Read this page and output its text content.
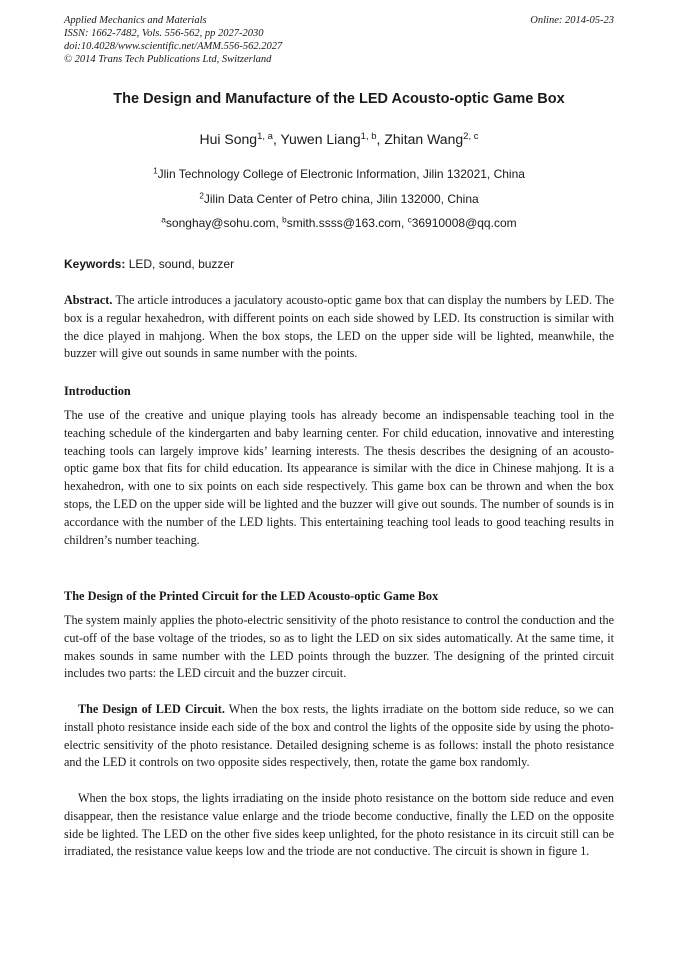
Applied Mechanics and Materials
ISSN: 1662-7482, Vols. 556-562, pp 2027-2030
doi:10.4028/www.scientific.net/AMM.556-562.2027
© 2014 Trans Tech Publications Ltd, Switzerland
Online: 2014-05-23
The Design and Manufacture of the LED Acousto-optic Game Box
Hui Song$^{1, a}$, Yuwen Liang$^{1, b}$, Zhitan Wang$^{2, c}$
$^1$Jlin Technology College of Electronic Information, Jilin 132021, China
$^2$Jilin Data Center of Petro china, Jilin 132000, China
$^a$songhay@sohu.com, $^b$smith.ssss@163.com, $^c$36910008@qq.com
Keywords: LED, sound, buzzer

Abstract. The article introduces a jaculatory acousto-optic game box that can display the numbers by LED. The box is a regular hexahedron, with different points on each side showed by LED. Its construction is similar with the dice played in mahjong. When the box stops, the LED on the upper side will be lighted, meanwhile, the buzzer will give out sounds in same number with the points.

Introduction

The use of the creative and unique playing tools has already become an indispensable teaching tool in the teaching schedule of the kindergarten and baby learning center. For child education, innovative and interesting teaching tools can largely improve kids’ learning interests. The thesis describes the designing of an acousto-optic game box that fits for child education. Its appearance is similar with the dice in Chinese mahjong. It is a hexahedron, with one to six points on each side respectively. This game box can be thrown and when the box stops, the LED on the upper side will be lighted and the buzzer will give out sounds. The number of sounds is in accordance with the number of the LED lights. This entertaining teaching tool leads to good teaching results in children’s number teaching.

The Design of the Printed Circuit for the LED Acousto-optic Game Box

The system mainly applies the photo-electric sensitivity of the photo resistance to control the conduction and the cut-off of the base voltage of the triodes, so as to light the LED on six sides automatically. At the same time, it makes sounds in same number with the LED points through the buzzer. The designing of the printed circuit includes two parts: the LED circuit and the buzzer circuit.

The Design of LED Circuit. When the box rests, the lights irradiate on the bottom side reduce, so we can install photo resistance inside each side of the box and control the lights of the opposite side by using the photo-electric sensitivity of the photo resistance. Detailed designing scheme is as follows: install the photo resistance and the LED it controls on two opposite sides respectively, then, rotate the game box randomly.

When the box stops, the lights irradiating on the inside photo resistance on the bottom side reduce and even disappear, then the resistance value enlarge and the triode become conductive, finally the LED on the opposite side be lighted. The LED on the other five sides keep unlighted, for the photo resistance in its circuit still can be irradiated, the resistance value keeps low and the triode are not conductive. The circuit is shown in figure 1.
